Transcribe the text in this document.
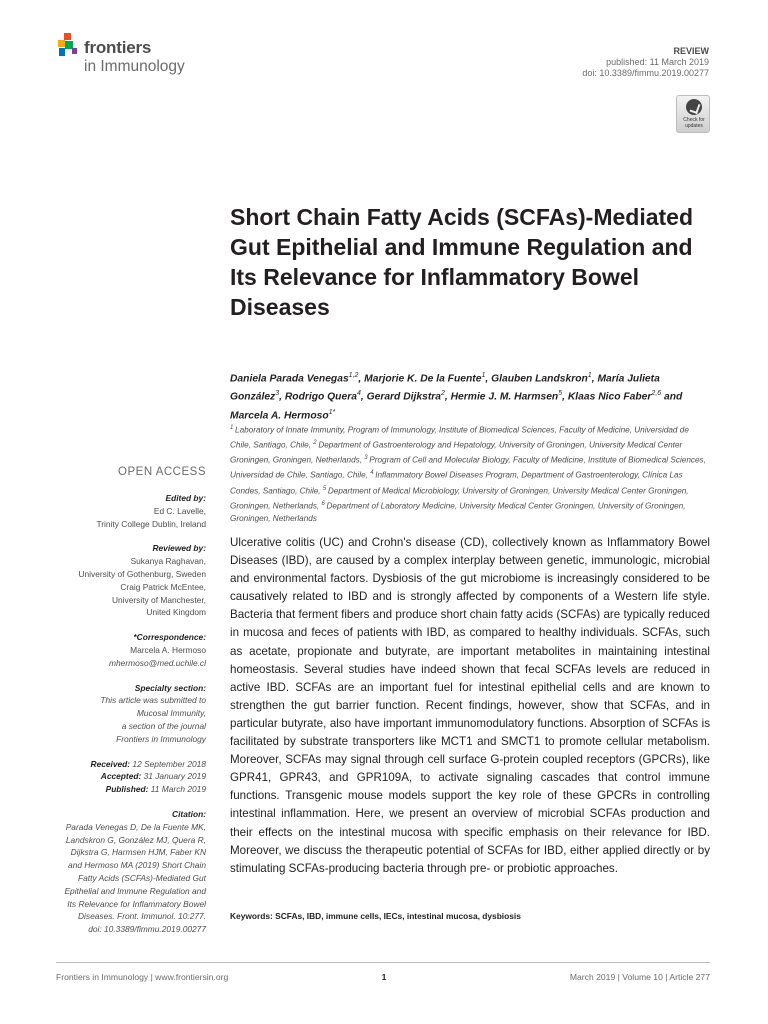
frontiers
in Immunology
REVIEW
published: 11 March 2019
doi: 10.3389/fimmu.2019.00277
Check for updates
Short Chain Fatty Acids (SCFAs)-Mediated Gut Epithelial and Immune Regulation and Its Relevance for Inflammatory Bowel Diseases
Daniela Parada Venegas$^{1,2}$, Marjorie K. De la Fuente$^1$, Glauben Landskron$^1$, María Julieta González$^3$, Rodrigo Quera$^4$, Gerard Dijkstra$^2$, Hermie J. M. Harmsen$^5$, Klaas Nico Faber$^{2,6}$ and Marcela A. Hermoso$^{1*}$
$^1$ Laboratory of Innate Immunity, Program of Immunology, Institute of Biomedical Sciences, Faculty of Medicine, Universidad de Chile, Santiago, Chile, $^2$ Department of Gastroenterology and Hepatology, University of Groningen, University Medical Center Groningen, Groningen, Netherlands, $^3$ Program of Cell and Molecular Biology, Faculty of Medicine, Institute of Biomedical Sciences, Universidad de Chile, Santiago, Chile, $^4$ Inflammatory Bowel Diseases Program, Department of Gastroenterology, Clínica Las Condes, Santiago, Chile, $^5$ Department of Medical Microbiology, University of Groningen, University Medical Center Groningen, Groningen, Netherlands, $^6$ Department of Laboratory Medicine, University Medical Center Groningen, University of Groningen, Groningen, Netherlands
OPEN ACCESS
Edited by:
Ed C. Lavelle,
Trinity College Dublin, Ireland
Reviewed by:
Sukanya Raghavan,
University of Gothenburg, Sweden
Craig Patrick McEntee,
University of Manchester,
United Kingdom
*Correspondence:
Marcela A. Hermoso
mhermoso@med.uchile.cl
Specialty section:
This article was submitted to
Mucosal Immunity,
a section of the journal
Frontiers in Immunology
Received: 12 September 2018
Accepted: 31 January 2019
Published: 11 March 2019
Citation:
Parada Venegas D, De la Fuente MK,
Landskron G, González MJ, Quera R,
Dijkstra G, Harmsen HJM, Faber KN
and Hermoso MA (2019) Short Chain
Fatty Acids (SCFAs)-Mediated Gut
Epithelial and Immune Regulation and
Its Relevance for Inflammatory Bowel
Diseases. Front. Immunol. 10:277.
doi: 10.3389/fimmu.2019.00277
Ulcerative colitis (UC) and Crohn's disease (CD), collectively known as Inflammatory Bowel Diseases (IBD), are caused by a complex interplay between genetic, immunologic, microbial and environmental factors. Dysbiosis of the gut microbiome is increasingly considered to be causatively related to IBD and is strongly affected by components of a Western life style. Bacteria that ferment fibers and produce short chain fatty acids (SCFAs) are typically reduced in mucosa and feces of patients with IBD, as compared to healthy individuals. SCFAs, such as acetate, propionate and butyrate, are important metabolites in maintaining intestinal homeostasis. Several studies have indeed shown that fecal SCFAs levels are reduced in active IBD. SCFAs are an important fuel for intestinal epithelial cells and are known to strengthen the gut barrier function. Recent findings, however, show that SCFAs, and in particular butyrate, also have important immunomodulatory functions. Absorption of SCFAs is facilitated by substrate transporters like MCT1 and SMCT1 to promote cellular metabolism. Moreover, SCFAs may signal through cell surface G-protein coupled receptors (GPCRs), like GPR41, GPR43, and GPR109A, to activate signaling cascades that control immune functions. Transgenic mouse models support the key role of these GPCRs in controlling intestinal inflammation. Here, we present an overview of microbial SCFAs production and their effects on the intestinal mucosa with specific emphasis on their relevance for IBD. Moreover, we discuss the therapeutic potential of SCFAs for IBD, either applied directly or by stimulating SCFAs-producing bacteria through pre- or probiotic approaches.
Keywords: SCFAs, IBD, immune cells, IECs, intestinal mucosa, dysbiosis
Frontiers in Immunology | www.frontiersin.org	1	March 2019 | Volume 10 | Article 277
